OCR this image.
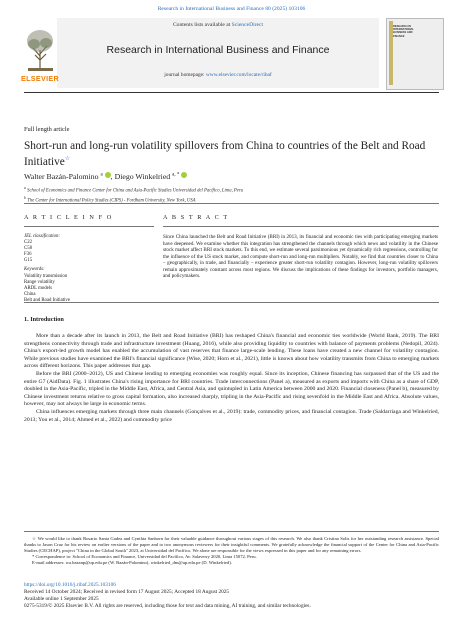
Research in International Business and Finance 80 (2025) 103106
ELSEVIER
Contents lists available at ScienceDirect
Research in International Business and Finance
journal homepage: www.elsevier.com/locate/ribaf
RESEARCH IN INTERNATIONAL BUSINESS AND FINANCE
Full length article
Short-run and long-run volatility spillovers from China to countries of the Belt and Road Initiative☆
Walter Bazán-Palomino $^a$ , Diego Winkelried $^{a, *}$
$^a$ School of Economics and Finance Center for China and Asia-Pacific Studies Universidad del Pacífico, Lima, Peru
$^b$ The Center for International Policy Studies (CIPS) - Fordham University, New York, USA
A R T I C L E I N F O	A B S T R A C T
JEL classification:
C22
C58
F36
G15
Keywords:
Volatility transmission
Range volatility
ARDL models
China
Belt and Road Initiative
Since China launched the Belt and Road Initiative (BRI) in 2013, its financial and economic ties with participating emerging markets have deepened. We examine whether this integration has strengthened the channels through which news and volatility in the Chinese stock market affect BRI stock markets. To this end, we estimate several parsimonious yet dynamically rich regressions, controlling for the influence of the US stock market, and compute short-run and long-run multipliers. Notably, we find that countries closer to China – geographically, in trade, and financially – experience greater short-run volatility contagion. However, long-run volatility spillovers remain approximately constant across most regions. We discuss the implications of these findings for investors, portfolio managers, and policymakers.
1. Introduction

More than a decade after its launch in 2013, the Belt and Road Initiative (BRI) has reshaped China's financial and economic ties worldwide (World Bank, 2019). The BRI strengthens connectivity through trade and infrastructure investment (Huang, 2016), while also providing liquidity to countries with balance of payments problems (Nedopil, 2024). China's export-led growth model has enabled the accumulation of vast reserves that finance large-scale lending. These loans have created a new channel for volatility contagion. While previous studies have examined the BRI's financial significance (Wise, 2020; Horn et al., 2021), little is known about how volatility transmits from China to emerging markets across different horizons. This paper addresses that gap.

Before the BRI (2000–2012), US and Chinese lending to emerging economies was roughly equal. Since its inception, Chinese financing has surpassed that of the US and the entire G7 (AidData). Fig. 1 illustrates China's rising importance for BRI countries. Trade interconnections (Panel a), measured as exports and imports with China as a share of GDP, doubled in the Asia-Pacific, tripled in the Middle East, Africa, and Central Asia, and quintupled in Latin America between 2000 and 2020. Financial closeness (Panel b), measured by Chinese investment returns relative to gross capital formation, also increased sharply, tripling in the Asia-Pacific and rising sevenfold in the Middle East and Africa. Absolute values, however, may not always be large in economic terms.

China influences emerging markets through three main channels (Gonçalves et al., 2019): trade, commodity prices, and financial contagion. Trade (Saldarriaga and Winkelried, 2013; You et al., 2014; Ahmed et al., 2022) and commodity price

☆ We would like to thank Rosario Santa Gadea and Cynthia Sanborn for their valuable guidance throughout various stages of this research. We also thank Cristina Solis for her outstanding research assistance. Special thanks to Jason Cruz for his review on earlier versions of the paper and to two anonymous reviewers for their insightful comments. We gratefully acknowledge the financial support of the Center for China and Asia-Pacific Studies (CECHAP), project "China in the Global South" 2023, at Universidad del Pacífico. We alone are responsible for the views expressed in this paper and for any remaining errors.

* Correspondence to: School of Economics and Finance, Universidad del Pacífico, Av. Salaverry 2020, Lima 15072, Peru.

E-mail addresses: wa.bazanp@up.edu.pe (W. Bazán-Palomino), winkelried_dm@up.edu.pe (D. Winkelried).

https://doi.org/10.1016/j.ribaf.2025.103106
Received 14 October 2024; Received in revised form 17 August 2025; Accepted 18 August 2025
Available online 1 September 2025
0275-5319/© 2025 Elsevier B.V. All rights are reserved, including those for text and data mining, AI training, and similar technologies.
